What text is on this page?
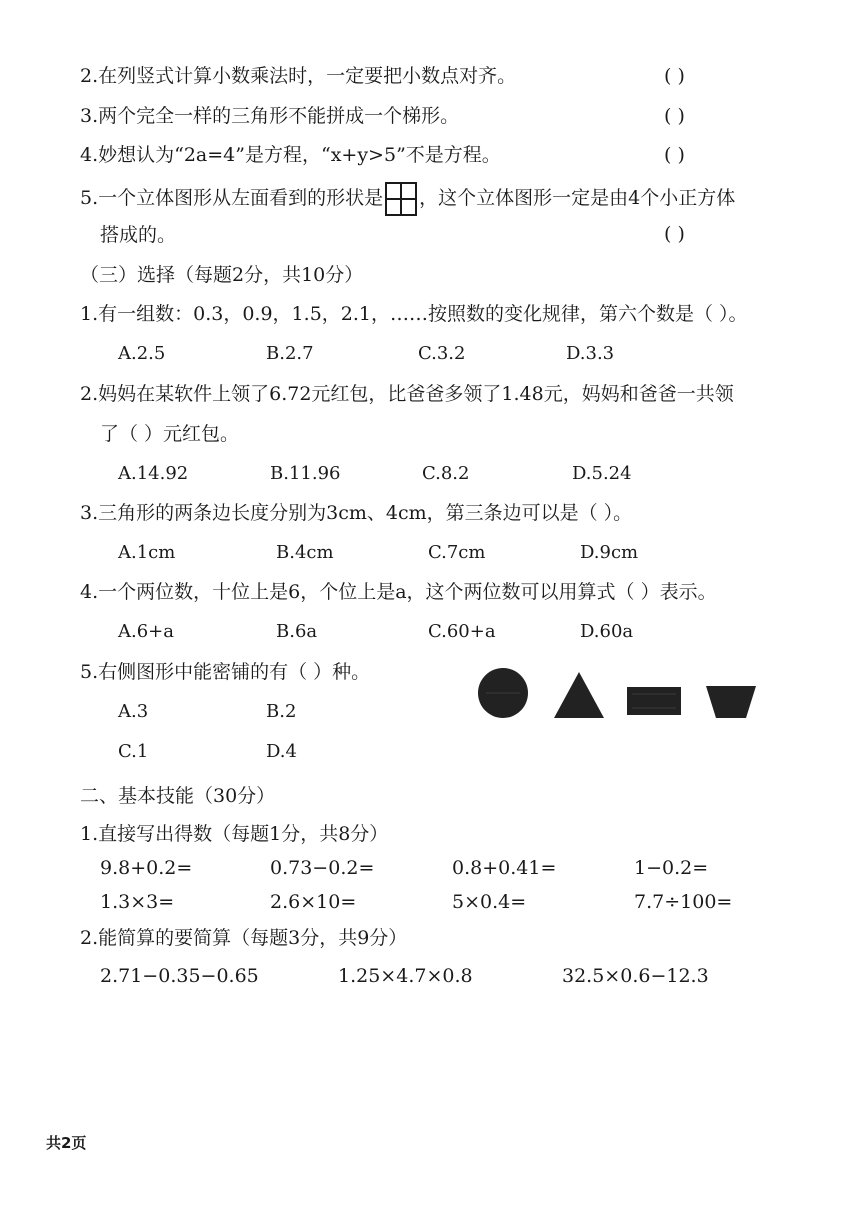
2.在列竖式计算小数乘法时，一定要把小数点对齐。	( )
3.两个完全一样的三角形不能拼成一个梯形。	( )
4.妙想认为“2a=4”是方程，“x+y>5”不是方程。	( )
5.一个立体图形从左面看到的形状是 ，这个立体图形一定是由4个小正方体
搭成的。	( )
（三）选择（每题2分，共10分）
1.有一组数：0.3，0.9，1.5，2.1，……按照数的变化规律，第六个数是（ ）。
A.2.5	B.2.7	C.3.2	D.3.3
2.妈妈在某软件上领了6.72元红包，比爸爸多领了1.48元，妈妈和爸爸一共领
了（ ）元红包。
A.14.92	B.11.96	C.8.2	D.5.24
3.三角形的两条边长度分别为3cm、4cm，第三条边可以是（ ）。
A.1cm	B.4cm	C.7cm	D.9cm
4.一个两位数，十位上是6，个位上是a，这个两位数可以用算式（ ）表示。
A.6+a	B.6a	C.60+a	D.60a
5.右侧图形中能密铺的有（ ）种。
A.3	B.2
C.1	D.4
二、基本技能（30分）
1.直接写出得数（每题1分，共8分）
9.8+0.2=	0.73−0.2=	0.8+0.41=	1−0.2=
1.3×3=	2.6×10=	5×0.4=	7.7÷100=
2.能简算的要简算（每题3分，共9分）
2.71−0.35−0.65	1.25×4.7×0.8	32.5×0.6−12.3
共2页
